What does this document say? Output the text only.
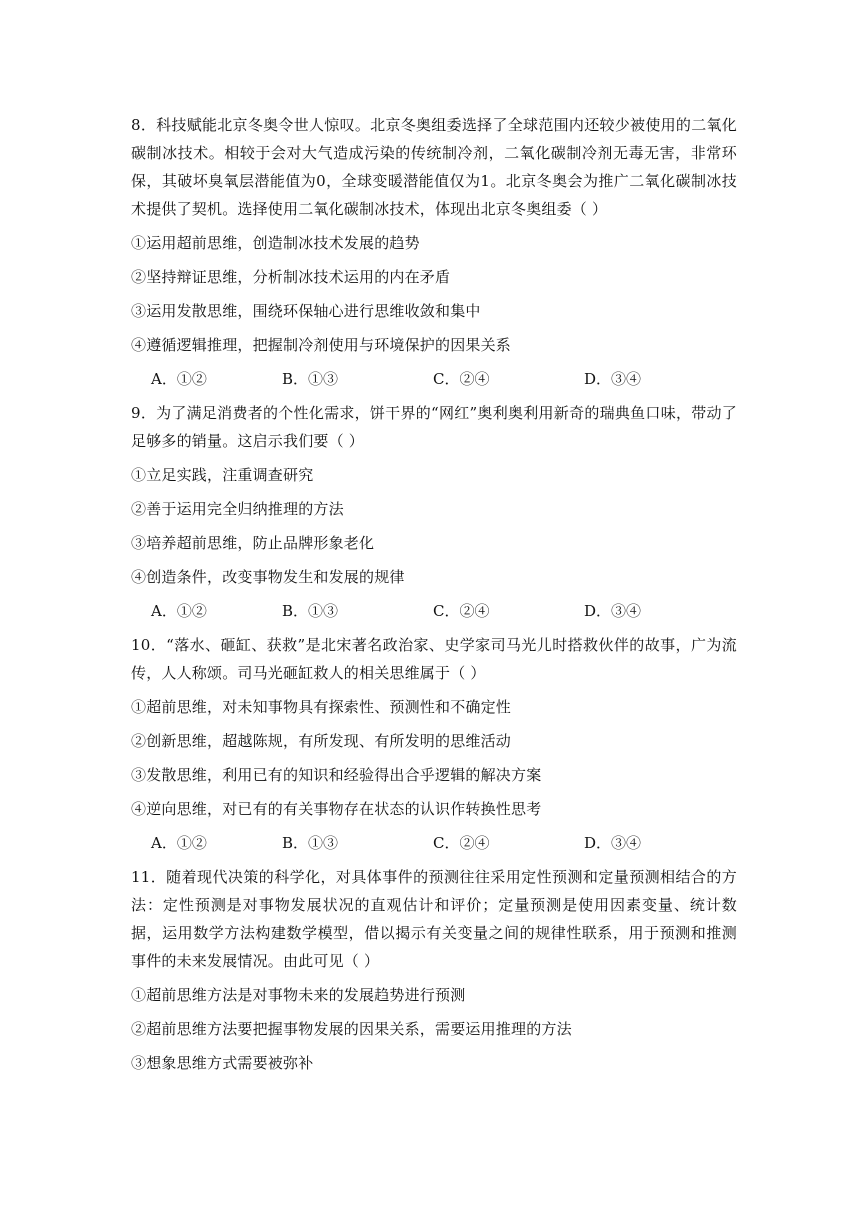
8．科技赋能北京冬奥令世人惊叹。北京冬奥组委选择了全球范围内还较少被使用的二氧化碳制冰技术。相较于会对大气造成污染的传统制冷剂，二氧化碳制冷剂无毒无害，非常环保，其破坏臭氧层潜能值为0，全球变暖潜能值仅为1。北京冬奥会为推广二氧化碳制冰技术提供了契机。选择使用二氧化碳制冰技术，体现出北京冬奥组委（ ）

①运用超前思维，创造制冰技术发展的趋势

②坚持辩证思维，分析制冰技术运用的内在矛盾

③运用发散思维，围绕环保轴心进行思维收敛和集中

④遵循逻辑推理，把握制冷剂使用与环境保护的因果关系

A．①②	B．①③	C．②④	D．③④

9．为了满足消费者的个性化需求，饼干界的“网红”奥利奥利用新奇的瑞典鱼口味，带动了足够多的销量。这启示我们要（ ）

①立足实践，注重调查研究

②善于运用完全归纳推理的方法

③培养超前思维，防止品牌形象老化

④创造条件，改变事物发生和发展的规律

A．①②	B．①③	C．②④	D．③④

10．“落水、砸缸、获救”是北宋著名政治家、史学家司马光儿时搭救伙伴的故事，广为流传，人人称颂。司马光砸缸救人的相关思维属于（ ）

①超前思维，对未知事物具有探索性、预测性和不确定性

②创新思维，超越陈规，有所发现、有所发明的思维活动

③发散思维，利用已有的知识和经验得出合乎逻辑的解决方案

④逆向思维，对已有的有关事物存在状态的认识作转换性思考

A．①②	B．①③	C．②④	D．③④

11．随着现代决策的科学化，对具体事件的预测往往采用定性预测和定量预测相结合的方法：定性预测是对事物发展状况的直观估计和评价；定量预测是使用因素变量、统计数据，运用数学方法构建数学模型，借以揭示有关变量之间的规律性联系，用于预测和推测事件的未来发展情况。由此可见（ ）

①超前思维方法是对事物未来的发展趋势进行预测

②超前思维方法要把握事物发展的因果关系，需要运用推理的方法

③想象思维方式需要被弥补
